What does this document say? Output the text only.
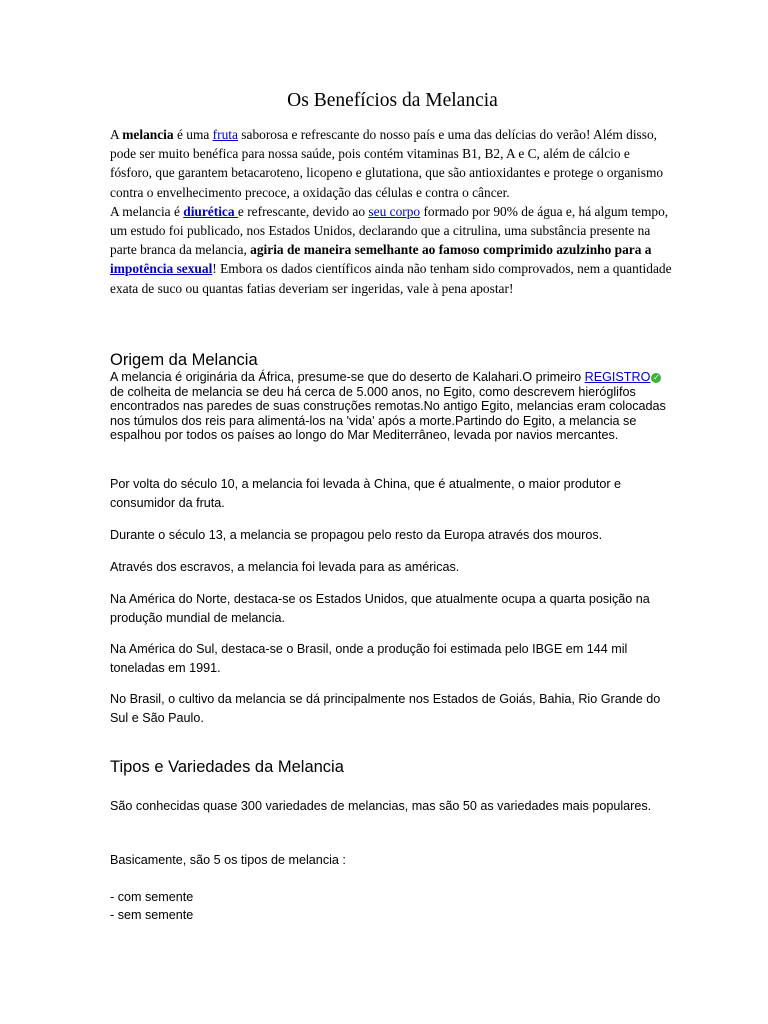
Os Benefícios da Melancia

A melancia é uma fruta saborosa e refrescante do nosso país e uma das delícias do verão! Além disso, pode ser muito benéfica para nossa saúde, pois contém vitaminas B1, B2, A e C, além de cálcio e fósforo, que garantem betacaroteno, licopeno e glutationa, que são antioxidantes e protege o organismo contra o envelhecimento precoce, a oxidação das células e contra o câncer.

A melancia é diurética e refrescante, devido ao seu corpo formado por 90% de água e, há algum tempo, um estudo foi publicado, nos Estados Unidos, declarando que a citrulina, uma substância presente na parte branca da melancia, agiria de maneira semelhante ao famoso comprimido azulzinho para a impotência sexual! Embora os dados científicos ainda não tenham sido comprovados, nem a quantidade exata de suco ou quantas fatias deveriam ser ingeridas, vale à pena apostar!

Origem da Melancia

A melancia é originária da África, presume-se que do deserto de Kalahari.O primeiro REGISTRO ✓ de colheita de melancia se deu há cerca de 5.000 anos, no Egito, como descrevem hieróglifos encontrados nas paredes de suas construções remotas.No antigo Egito, melancias eram colocadas nos túmulos dos reis para alimentá-los na 'vida' após a morte.Partindo do Egito, a melancia se espalhou por todos os países ao longo do Mar Mediterrâneo, levada por navios mercantes.

Por volta do século 10, a melancia foi levada à China, que é atualmente, o maior produtor e consumidor da fruta.

Durante o século 13, a melancia se propagou pelo resto da Europa através dos mouros.

Através dos escravos, a melancia foi levada para as américas.

Na América do Norte, destaca-se os Estados Unidos, que atualmente ocupa a quarta posição na produção mundial de melancia.

Na América do Sul, destaca-se o Brasil, onde a produção foi estimada pelo IBGE em 144 mil toneladas em 1991.

No Brasil, o cultivo da melancia se dá principalmente nos Estados de Goiás, Bahia, Rio Grande do Sul e São Paulo.

Tipos e Variedades da Melancia

São conhecidas quase 300 variedades de melancias, mas são 50 as variedades mais populares.

Basicamente, são 5 os tipos de melancia :

- com semente
- sem semente
